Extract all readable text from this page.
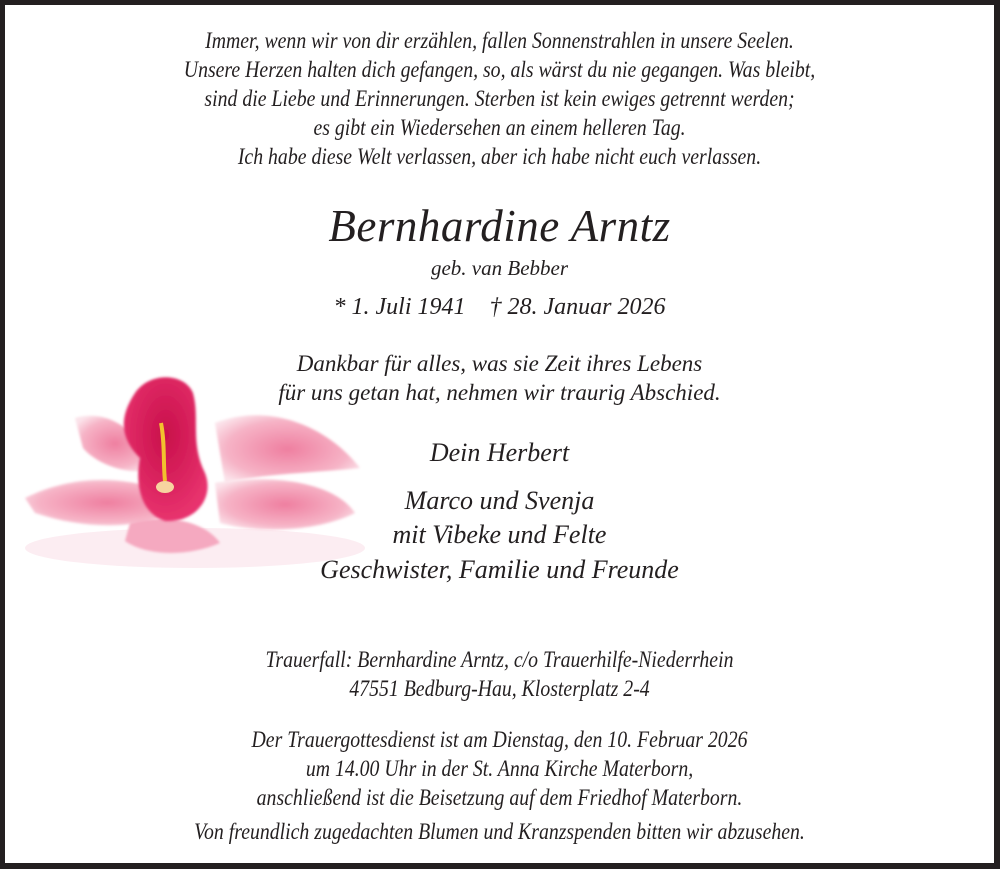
Immer, wenn wir von dir erzählen, fallen Sonnenstrahlen in unsere Seelen.
Unsere Herzen halten dich gefangen, so, als wärst du nie gegangen. Was bleibt,
sind die Liebe und Erinnerungen. Sterben ist kein ewiges getrennt werden;
es gibt ein Wiedersehen an einem helleren Tag.
Ich habe diese Welt verlassen, aber ich habe nicht euch verlassen.
Bernhardine Arntz
geb. van Bebber
* 1. Juli 1941 † 28. Januar 2026
Dankbar für alles, was sie Zeit ihres Lebens
für uns getan hat, nehmen wir traurig Abschied.
Dein Herbert
Marco und Svenja
mit Vibeke und Felte
Geschwister, Familie und Freunde
Trauerfall: Bernhardine Arntz, c/o Trauerhilfe-Niederrhein
47551 Bedburg-Hau, Klosterplatz 2-4
Der Trauergottesdienst ist am Dienstag, den 10. Februar 2026
um 14.00 Uhr in der St. Anna Kirche Materborn,
anschließend ist die Beisetzung auf dem Friedhof Materborn.
Von freundlich zugedachten Blumen und Kranzspenden bitten wir abzusehen.
